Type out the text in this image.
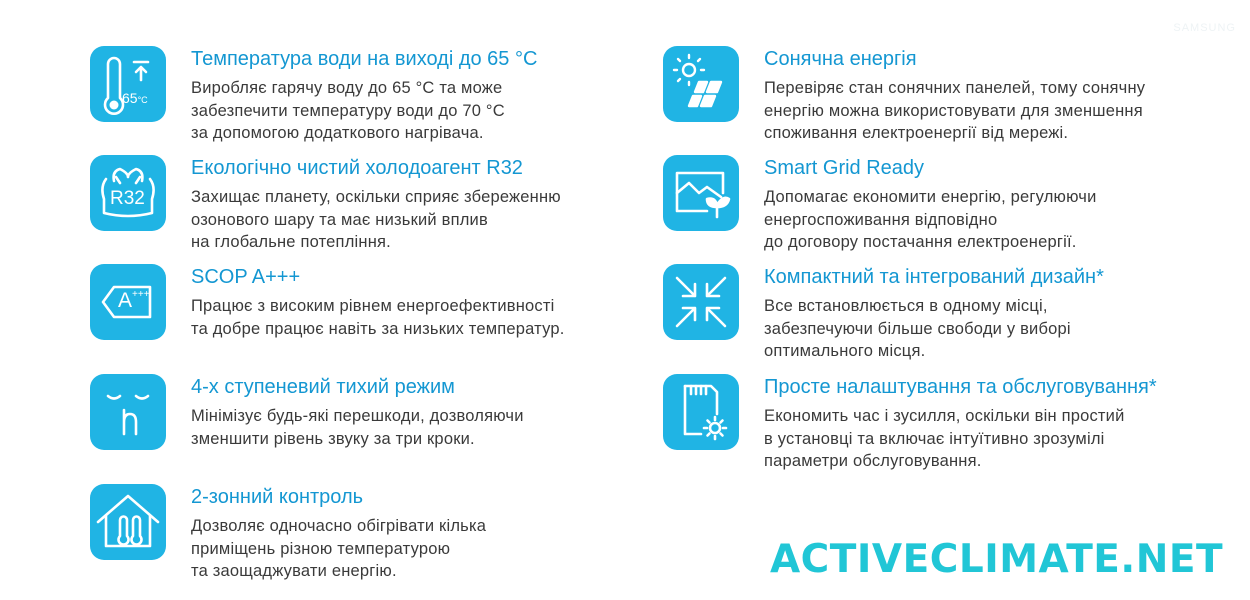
65°C
Температура води на виході до 65 °C

Виробляє гарячу воду до 65 °C та може
забезпечити температуру води до 70 °C
за допомогою додаткового нагрівача.

R32
Екологічно чистий холодоагент R32

Захищає планету, оскільки сприяє збереженню
озонового шару та має низький вплив
на глобальне потепління.

A+++
SCOP A+++

Працює з високим рівнем енергоефективності
та добре працює навіть за низьких температур.

4-х ступеневий тихий режим

Мінімізує будь-які перешкоди, дозволяючи
зменшити рівень звуку за три кроки.

2-зонний контроль

Дозволяє одночасно обігрівати кілька
приміщень різною температурою
та заощаджувати енергію.

Сонячна енергія

Перевіряє стан сонячних панелей, тому сонячну
енергію можна використовувати для зменшення
споживання електроенергії від мережі.

Smart Grid Ready

Допомагає економити енергію, регулюючи
енергоспоживання відповідно
до договору постачання електроенергії.

Компактний та інтегрований дизайн*

Все встановлюється в одному місці,
забезпечуючи більше свободи у виборі
оптимального місця.

Просте налаштування та обслуговування*

Економить час і зусилля, оскільки він простий
в установці та включає інтуїтивно зрозумілі
параметри обслуговування.

SAMSUNG

ACTIVECLIMATE.NET
